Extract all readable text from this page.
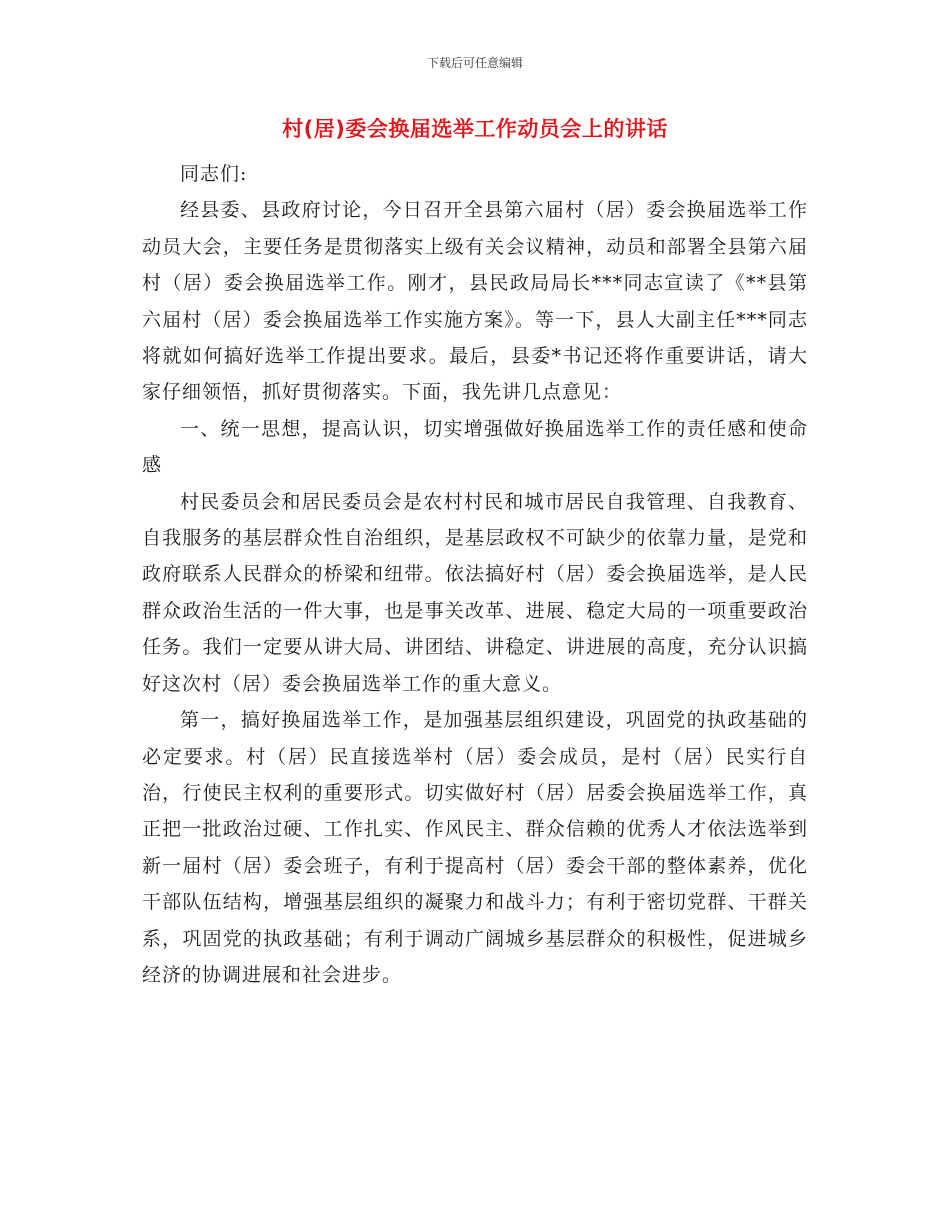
下载后可任意编辑
村(居)委会换届选举工作动员会上的讲话

同志们:

经县委、县政府讨论，今日召开全县第六届村（居）委会换届选举工作动员大会，主要任务是贯彻落实上级有关会议精神，动员和部署全县第六届村（居）委会换届选举工作。刚才，县民政局局长***同志宣读了《**县第六届村（居）委会换届选举工作实施方案》。等一下，县人大副主任***同志将就如何搞好选举工作提出要求。最后，县委*书记还将作重要讲话，请大家仔细领悟，抓好贯彻落实。下面，我先讲几点意见：

一、统一思想，提高认识，切实增强做好换届选举工作的责任感和使命感

村民委员会和居民委员会是农村村民和城市居民自我管理、自我教育、自我服务的基层群众性自治组织，是基层政权不可缺少的依靠力量，是党和政府联系人民群众的桥梁和纽带。依法搞好村（居）委会换届选举，是人民群众政治生活的一件大事，也是事关改革、进展、稳定大局的一项重要政治任务。我们一定要从讲大局、讲团结、讲稳定、讲进展的高度，充分认识搞好这次村（居）委会换届选举工作的重大意义。

第一，搞好换届选举工作，是加强基层组织建设，巩固党的执政基础的必定要求。村（居）民直接选举村（居）委会成员，是村（居）民实行自治，行使民主权利的重要形式。切实做好村（居）居委会换届选举工作，真正把一批政治过硬、工作扎实、作风民主、群众信赖的优秀人才依法选举到新一届村（居）委会班子，有利于提高村（居）委会干部的整体素养，优化干部队伍结构，增强基层组织的凝聚力和战斗力；有利于密切党群、干群关系，巩固党的执政基础；有利于调动广阔城乡基层群众的积极性，促进城乡经济的协调进展和社会进步。
